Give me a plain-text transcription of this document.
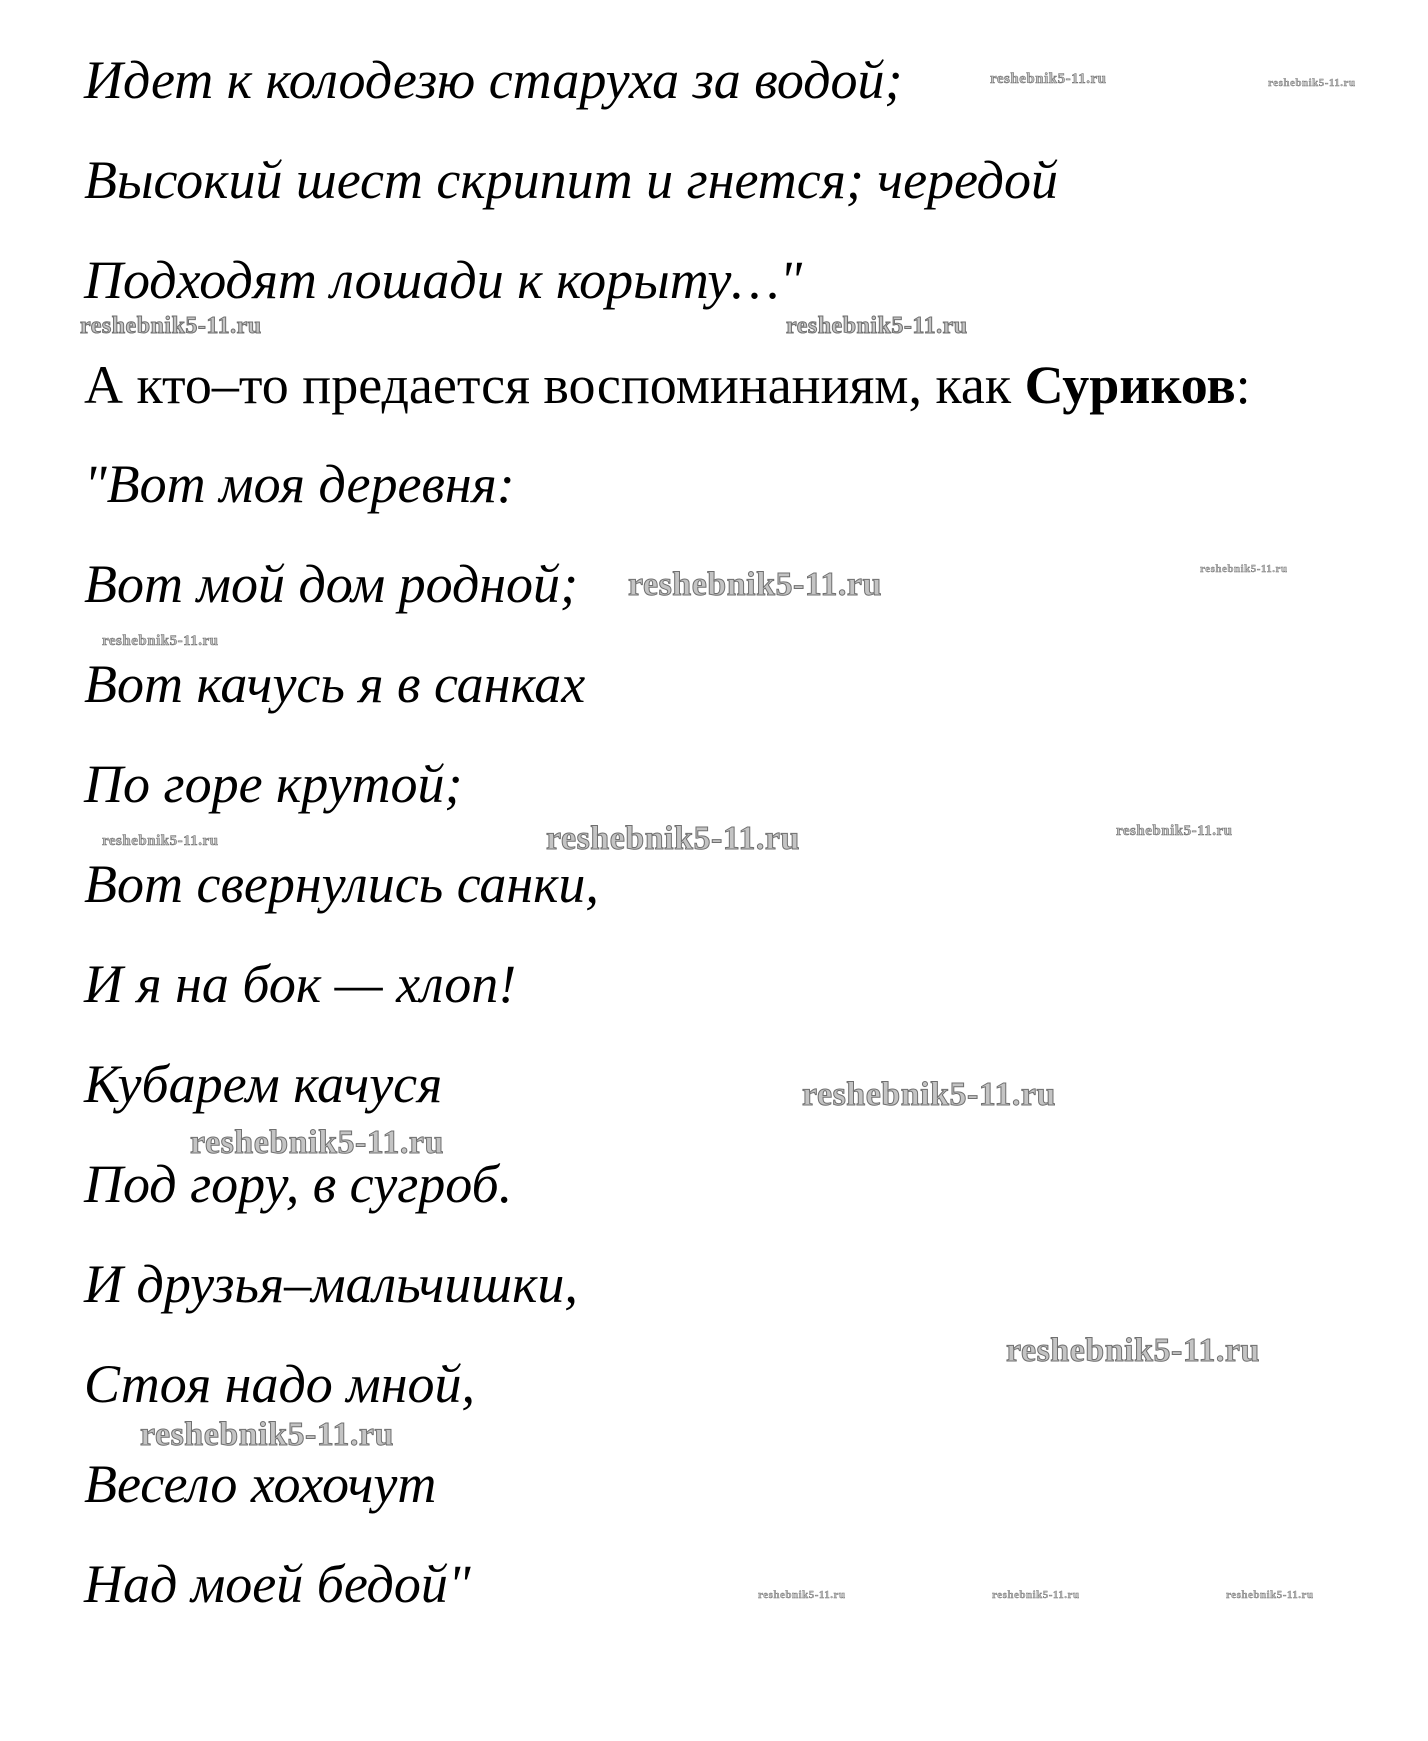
Идет к колодезю старуха за водой;
Высокий шест скрипит и гнется; чередой
Подходят лошади к корыту…"
А кто–то предается воспоминаниям, как Суриков:
"Вот моя деревня:
Вот мой дом родной;
Вот качусь я в санках
По горе крутой;
Вот свернулись санки,
И я на бок — хлоп!
Кубарем качуся
Под гору, в сугроб.
И друзья–мальчишки,
Стоя надо мной,
Весело хохочут
Над моей бедой"
reshebnik5-11.ru	reshebnik5-11.ru
reshebnik5-11.ru	reshebnik5-11.ru
reshebnik5-11.ru	reshebnik5-11.ru
reshebnik5-11.ru
reshebnik5-11.ru	reshebnik5-11.ru	reshebnik5-11.ru
reshebnik5-11.ru
reshebnik5-11.ru
reshebnik5-11.ru
reshebnik5-11.ru
reshebnik5-11.ru	reshebnik5-11.ru	reshebnik5-11.ru
